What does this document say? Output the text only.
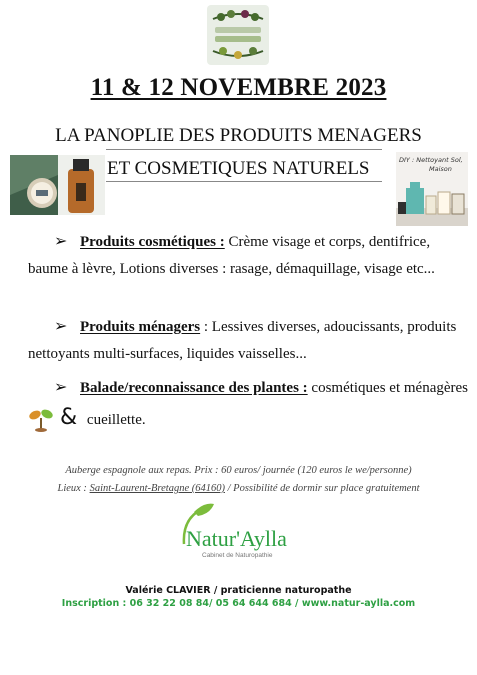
11 & 12 NOVEMBRE 2023
LA PANOPLIE DES PRODUITS MENAGERS
ET COSMETIQUES NATURELS	DIY : Nettoyant Sol,
Maison
➢ Produits cosmétiques : Crème visage et corps, dentifrice, baume à lèvre, Lotions diverses : rasage, démaquillage, visage etc...
➢ Produits ménagers : Lessives diverses, adoucissants, produits nettoyants multi-surfaces, liquides vaisselles...
➢ Balade/reconnaissance des plantes : cosmétiques et ménagères & cueillette.
Auberge espagnole aux repas. Prix : 60 euros/ journée (120 euros le we/personne)
Lieux : Saint-Laurent-Bretagne (64160) / Possibilité de dormir sur place gratuitement
Natur'Aylla
Cabinet de Naturopathie
Valérie CLAVIER / praticienne naturopathe
Inscription : 06 32 22 08 84/ 05 64 644 684 / www.natur-aylla.com
